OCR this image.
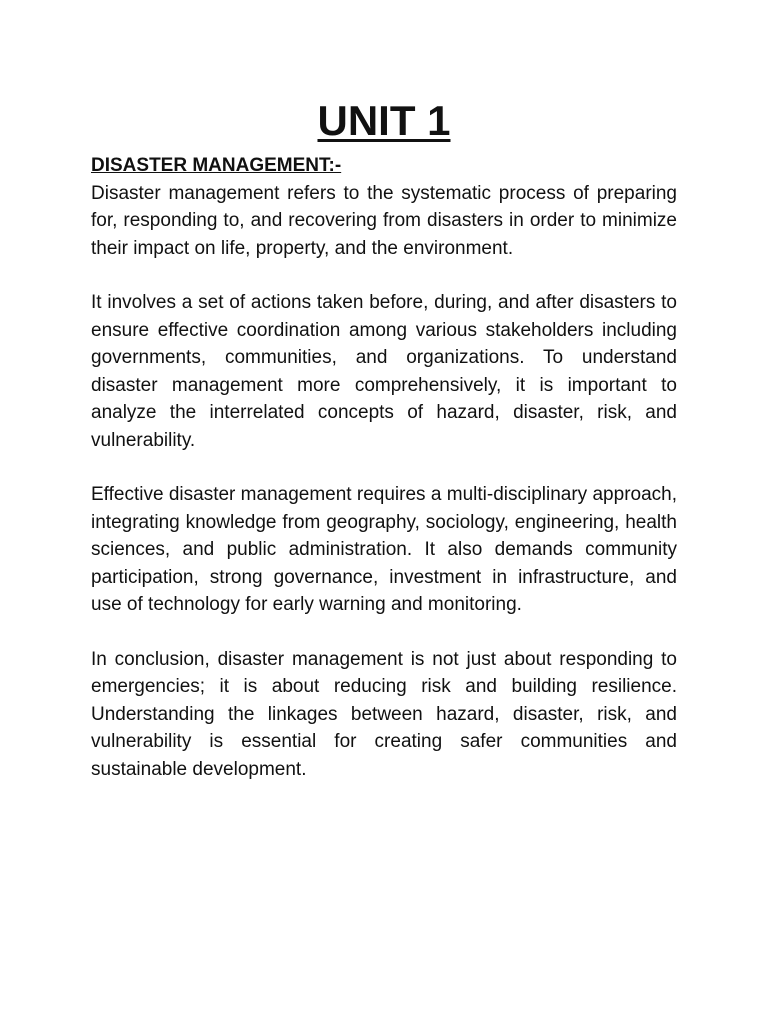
UNIT 1

DISASTER MANAGEMENT:-

Disaster management refers to the systematic process of preparing for, responding to, and recovering from disasters in order to minimize their impact on life, property, and the environment.

It involves a set of actions taken before, during, and after disasters to ensure effective coordination among various stakeholders including governments, communities, and organizations. To understand disaster management more comprehensively, it is important to analyze the interrelated concepts of hazard, disaster, risk, and vulnerability.

Effective disaster management requires a multi-disciplinary approach, integrating knowledge from geography, sociology, engineering, health sciences, and public administration. It also demands community participation, strong governance, investment in infrastructure, and use of technology for early warning and monitoring.

In conclusion, disaster management is not just about responding to emergencies; it is about reducing risk and building resilience. Understanding the linkages between hazard, disaster, risk, and vulnerability is essential for creating safer communities and sustainable development.
